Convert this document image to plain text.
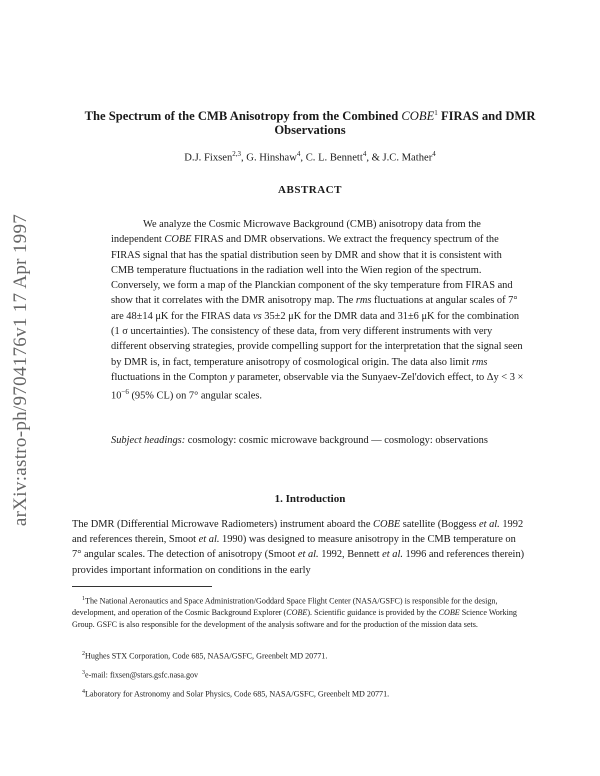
arXiv:astro-ph/9704176v1 17 Apr 1997
The Spectrum of the CMB Anisotropy from the Combined COBE$^1$ FIRAS and DMR Observations
D.J. Fixsen$^{2,3}$, G. Hinshaw$^4$, C. L. Bennett$^4$, & J.C. Mather$^4$
ABSTRACT

We analyze the Cosmic Microwave Background (CMB) anisotropy data from the independent COBE FIRAS and DMR observations. We extract the frequency spectrum of the FIRAS signal that has the spatial distribution seen by DMR and show that it is consistent with CMB temperature fluctuations in the radiation well into the Wien region of the spectrum. Conversely, we form a map of the Planckian component of the sky temperature from FIRAS and show that it correlates with the DMR anisotropy map. The rms fluctuations at angular scales of 7° are 48±14 μK for the FIRAS data vs 35±2 μK for the DMR data and 31±6 μK for the combination (1 σ uncertainties). The consistency of these data, from very different instruments with very different observing strategies, provide compelling support for the interpretation that the signal seen by DMR is, in fact, temperature anisotropy of cosmological origin. The data also limit rms fluctuations in the Compton y parameter, observable via the Sunyaev-Zel'dovich effect, to $\Delta y < 3 \times 10^{-6}$ (95% CL) on 7° angular scales.

Subject headings: cosmology: cosmic microwave background — cosmology: observations

1. Introduction

The DMR (Differential Microwave Radiometers) instrument aboard the COBE satellite (Boggess et al. 1992 and references therein, Smoot et al. 1990) was designed to measure anisotropy in the CMB temperature on 7° angular scales. The detection of anisotropy (Smoot et al. 1992, Bennett et al. 1996 and references therein) provides important information on conditions in the early

$^1$The National Aeronautics and Space Administration/Goddard Space Flight Center (NASA/GSFC) is responsible for the design, development, and operation of the Cosmic Background Explorer (COBE). Scientific guidance is provided by the COBE Science Working Group. GSFC is also responsible for the development of the analysis software and for the production of the mission data sets.

$^2$Hughes STX Corporation, Code 685, NASA/GSFC, Greenbelt MD 20771.

$^3$e-mail: fixsen@stars.gsfc.nasa.gov

$^4$Laboratory for Astronomy and Solar Physics, Code 685, NASA/GSFC, Greenbelt MD 20771.
